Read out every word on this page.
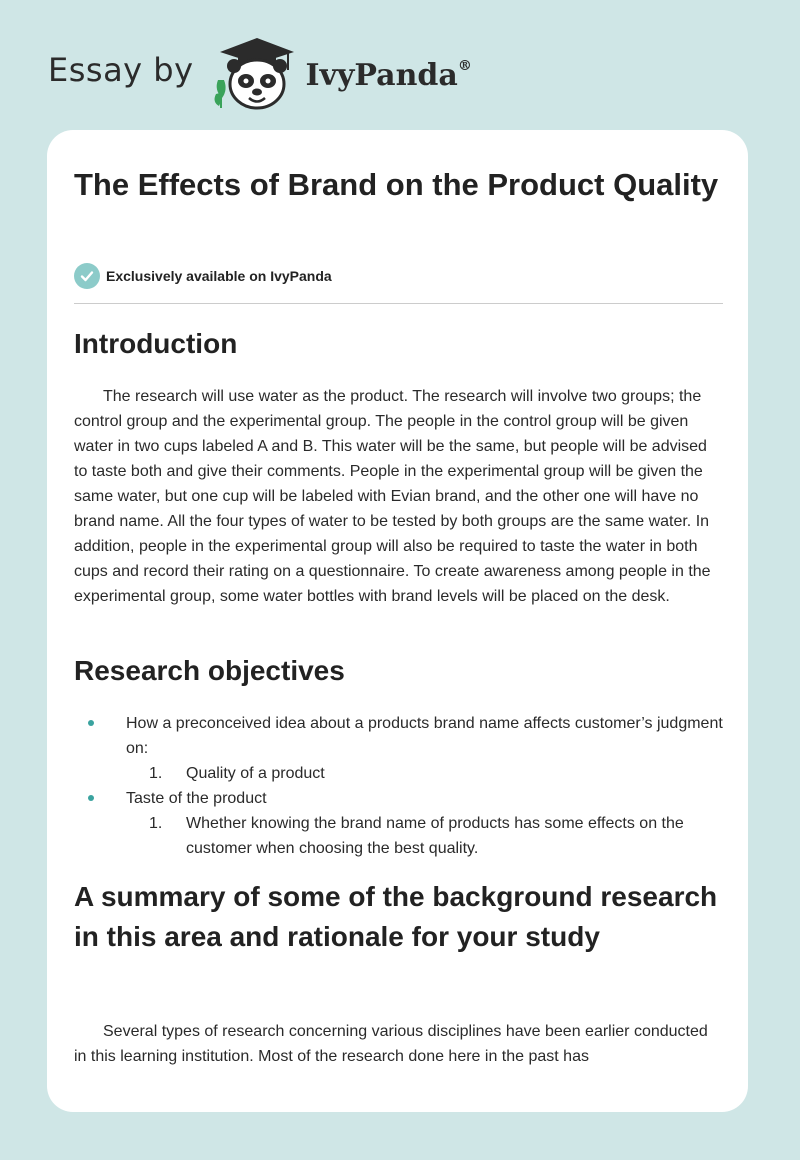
Essay by	IvyPanda®
The Effects of Brand on the Product Quality
Exclusively available on IvyPanda
Introduction

The research will use water as the product. The research will involve two groups; the control group and the experimental group. The people in the control group will be given water in two cups labeled A and B. This water will be the same, but people will be advised to taste both and give their comments. People in the experimental group will be given the same water, but one cup will be labeled with Evian brand, and the other one will have no brand name. All the four types of water to be tested by both groups are the same water. In addition, people in the experimental group will also be required to taste the water in both cups and record their rating on a questionnaire. To create awareness among people in the experimental group, some water bottles with brand levels will be placed on the desk.

Research objectives
How a preconceived idea about a products brand name affects customer’s judgment on:
1. Quality of a product
Taste of the product
1. Whether knowing the brand name of products has some effects on the customer when choosing the best quality.
A summary of some of the background research in this area and rationale for your study

Several types of research concerning various disciplines have been earlier conducted in this learning institution. Most of the research done here in the past has
